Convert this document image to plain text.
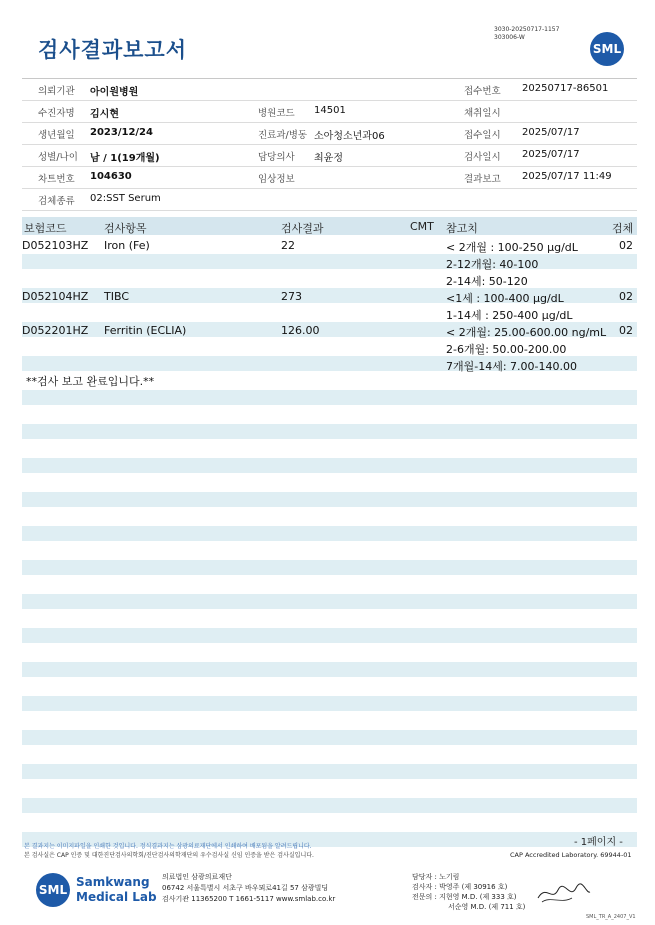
검사결과보고서
3030-20250717-1157
303006-W
SML
의뢰기관 아이원병원	접수번호 20250717-86501
수진자명 김시현	병원코드 14501	채취일시
생년월일 2023/12/24	진료과/병동 소아청소년과06	접수일시 2025/07/17
성별/나이 남 / 1(19개월)	담당의사 최윤정	검사일시 2025/07/17
차트번호 104630	임상정보	결과보고 2025/07/17 11:49
검체종류 02:SST Serum
보험코드	검사항목	검사결과	CMT 참고치	검체
D052103HZ Iron (Fe)	22	< 2개월 : 100-250 μg/dL	02
2-12개월: 40-100
2-14세: 50-120
D052104HZ TIBC	273	<1세 : 100-400 μg/dL	02
1-14세 : 250-400 μg/dL
D052201HZ Ferritin (ECLIA)	126.00	< 2개월: 25.00-600.00 ng/mL 02
2-6개월: 50.00-200.00
7개월-14세: 7.00-140.00
**검사 보고 완료입니다.**
- 1페이지 -
본 결과지는 이미지파일을 인쇄한 것입니다. 정식결과지는 삼광의료재단에서 인쇄하여 배포됨을 알려드립니다.
본 검사실은 CAP 인증 및 대한진단검사의학회/진단검사의학재단의 우수검사실 신임 인증을 받은 검사실입니다.	CAP Accredited Laboratory. 69944-01
SML
Samkwang
Medical Lab
의료법인 삼광의료재단
06742 서울특별시 서초구 바우뫼로41길 57 삼광빌딩
검사기관 11365200 T 1661-5117 www.smlab.co.kr
담당자 : 노기림
검사자 : 박영주 (제 30916 호)
전문의 : 지현영 M.D. (제 333 호)
서순영 M.D. (제 711 호)
SML_TR_A_2407_V1
